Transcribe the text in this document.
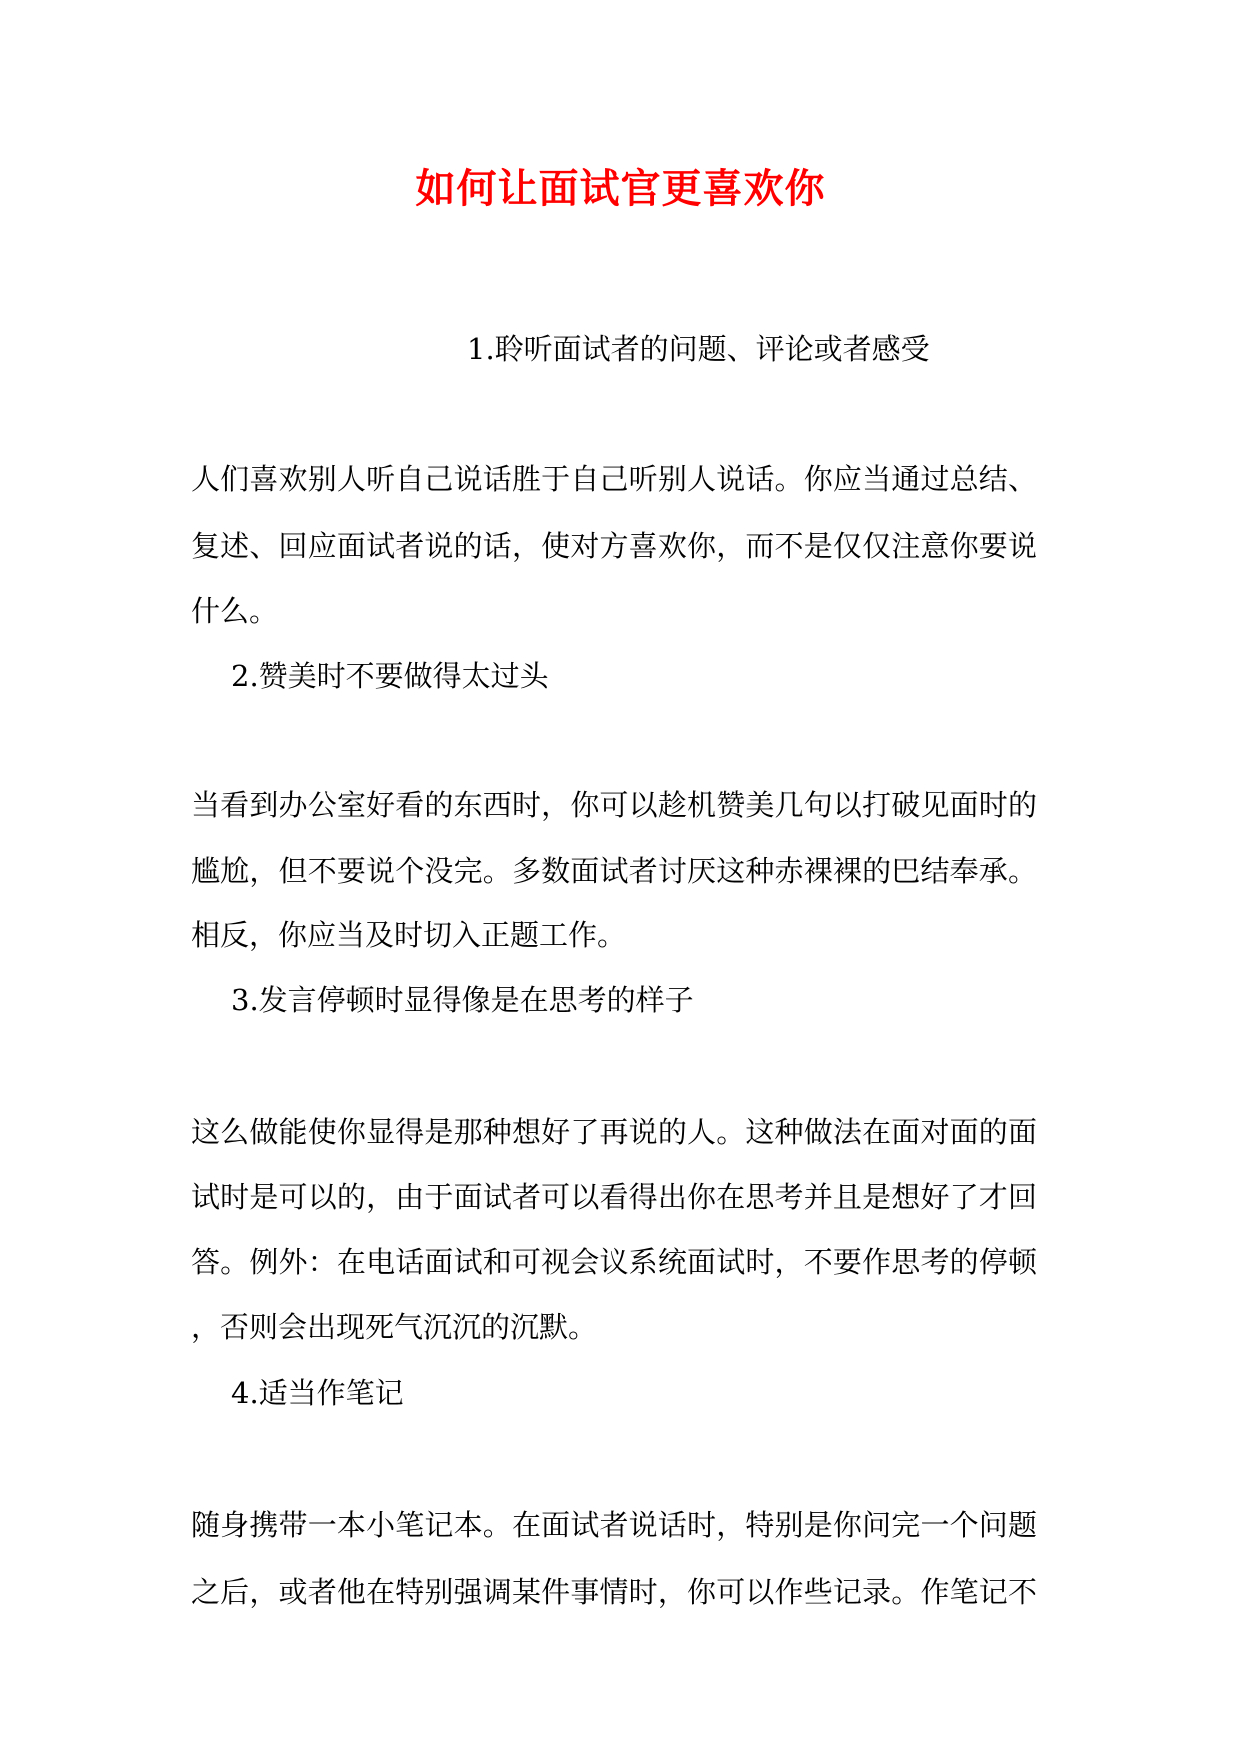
如何让面试官更喜欢你
1.聆听面试者的问题、评论或者感受
人们喜欢别人听自己说话胜于自己听别人说话。你应当通过总结、
复述、回应面试者说的话，使对方喜欢你，而不是仅仅注意你要说
什么。
2.赞美时不要做得太过头
当看到办公室好看的东西时，你可以趁机赞美几句以打破见面时的
尴尬，但不要说个没完。多数面试者讨厌这种赤裸裸的巴结奉承。
相反，你应当及时切入正题工作。
3.发言停顿时显得像是在思考的样子
这么做能使你显得是那种想好了再说的人。这种做法在面对面的面
试时是可以的，由于面试者可以看得出你在思考并且是想好了才回
答。例外：在电话面试和可视会议系统面试时，不要作思考的停顿
，否则会出现死气沉沉的沉默。
4.适当作笔记
随身携带一本小笔记本。在面试者说话时，特别是你问完一个问题
之后，或者他在特别强调某件事情时，你可以作些记录。作笔记不
